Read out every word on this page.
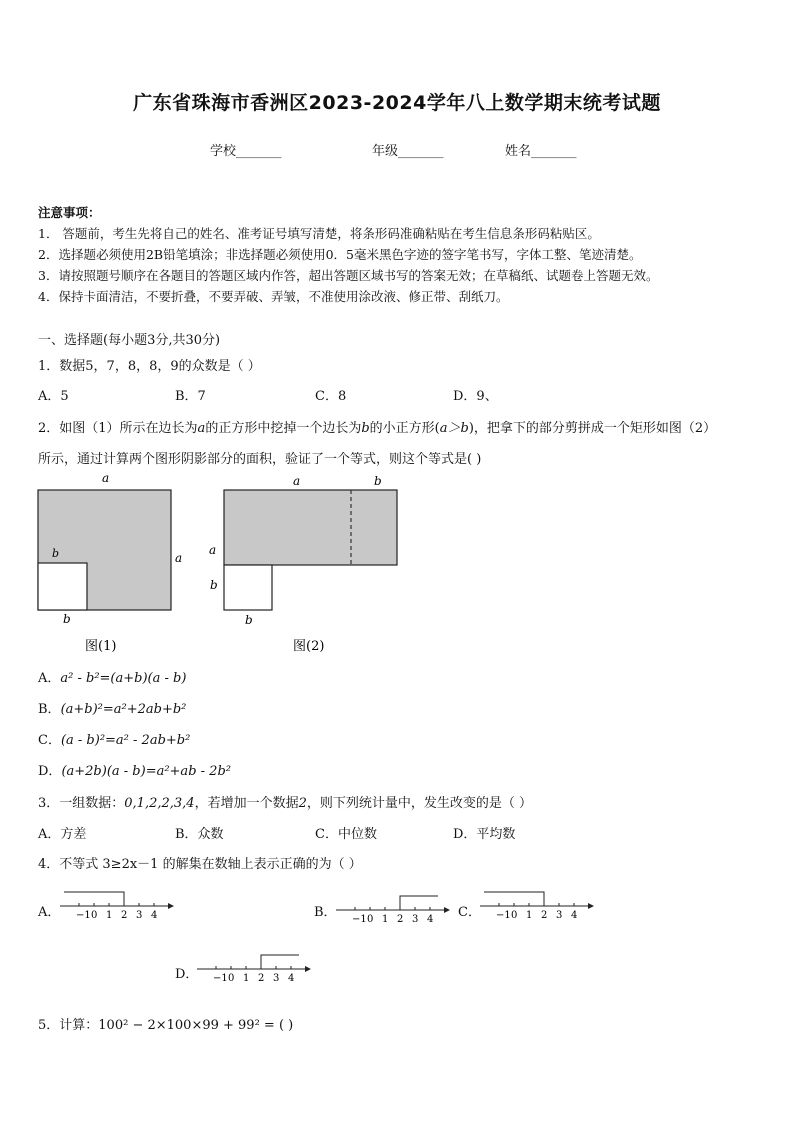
广东省珠海市香洲区2023-2024学年八上数学期末统考试题
学校_______	年级_______	姓名_______
注意事项：
1． 答题前，考生先将自己的姓名、准考证号填写清楚，将条形码准确粘贴在考生信息条形码粘贴区。
2．选择题必须使用2B铅笔填涂；非选择题必须使用0．5毫米黑色字迹的签字笔书写，字体工整、笔迹清楚。
3．请按照题号顺序在各题目的答题区域内作答，超出答题区域书写的答案无效；在草稿纸、试题卷上答题无效。
4．保持卡面清洁，不要折叠，不要弄破、弄皱，不准使用涂改液、修正带、刮纸刀。
一、选择题(每小题3分,共30分)
1．数据5，7，8，8，9的众数是（ ）
A．5	B．7	C．8	D．9、
2．如图（1）所示在边长为a的正方形中挖掉一个边长为b的小正方形(a＞b)，把拿下的部分剪拼成一个矩形如图（2）
所示，通过计算两个图形阴影部分的面积，验证了一个等式，则这个等式是( )
a
a
b
b
图(1)
a	b
a
b
b
图(2)
A．a² - b²=(a+b)(a - b)
B．(a+b)²=a²+2ab+b²
C．(a - b)²=a² - 2ab+b²
D．(a+2b)(a - b)=a²+ab - 2b²
3．一组数据：0,1,2,2,3,4，若增加一个数据2，则下列统计量中，发生改变的是（ ）
A．方差	B．众数	C．中位数	D．平均数
4．不等式 3≥2x－1 的解集在数轴上表示正确的为（ ）
A． −1 0 1 2 3 4	B． −1 0 1 2 3 4 C． −1 0 1 2 3 4
D． −1 0 1 2 3 4
5．计算：100² − 2×100×99 + 99² = ( )
